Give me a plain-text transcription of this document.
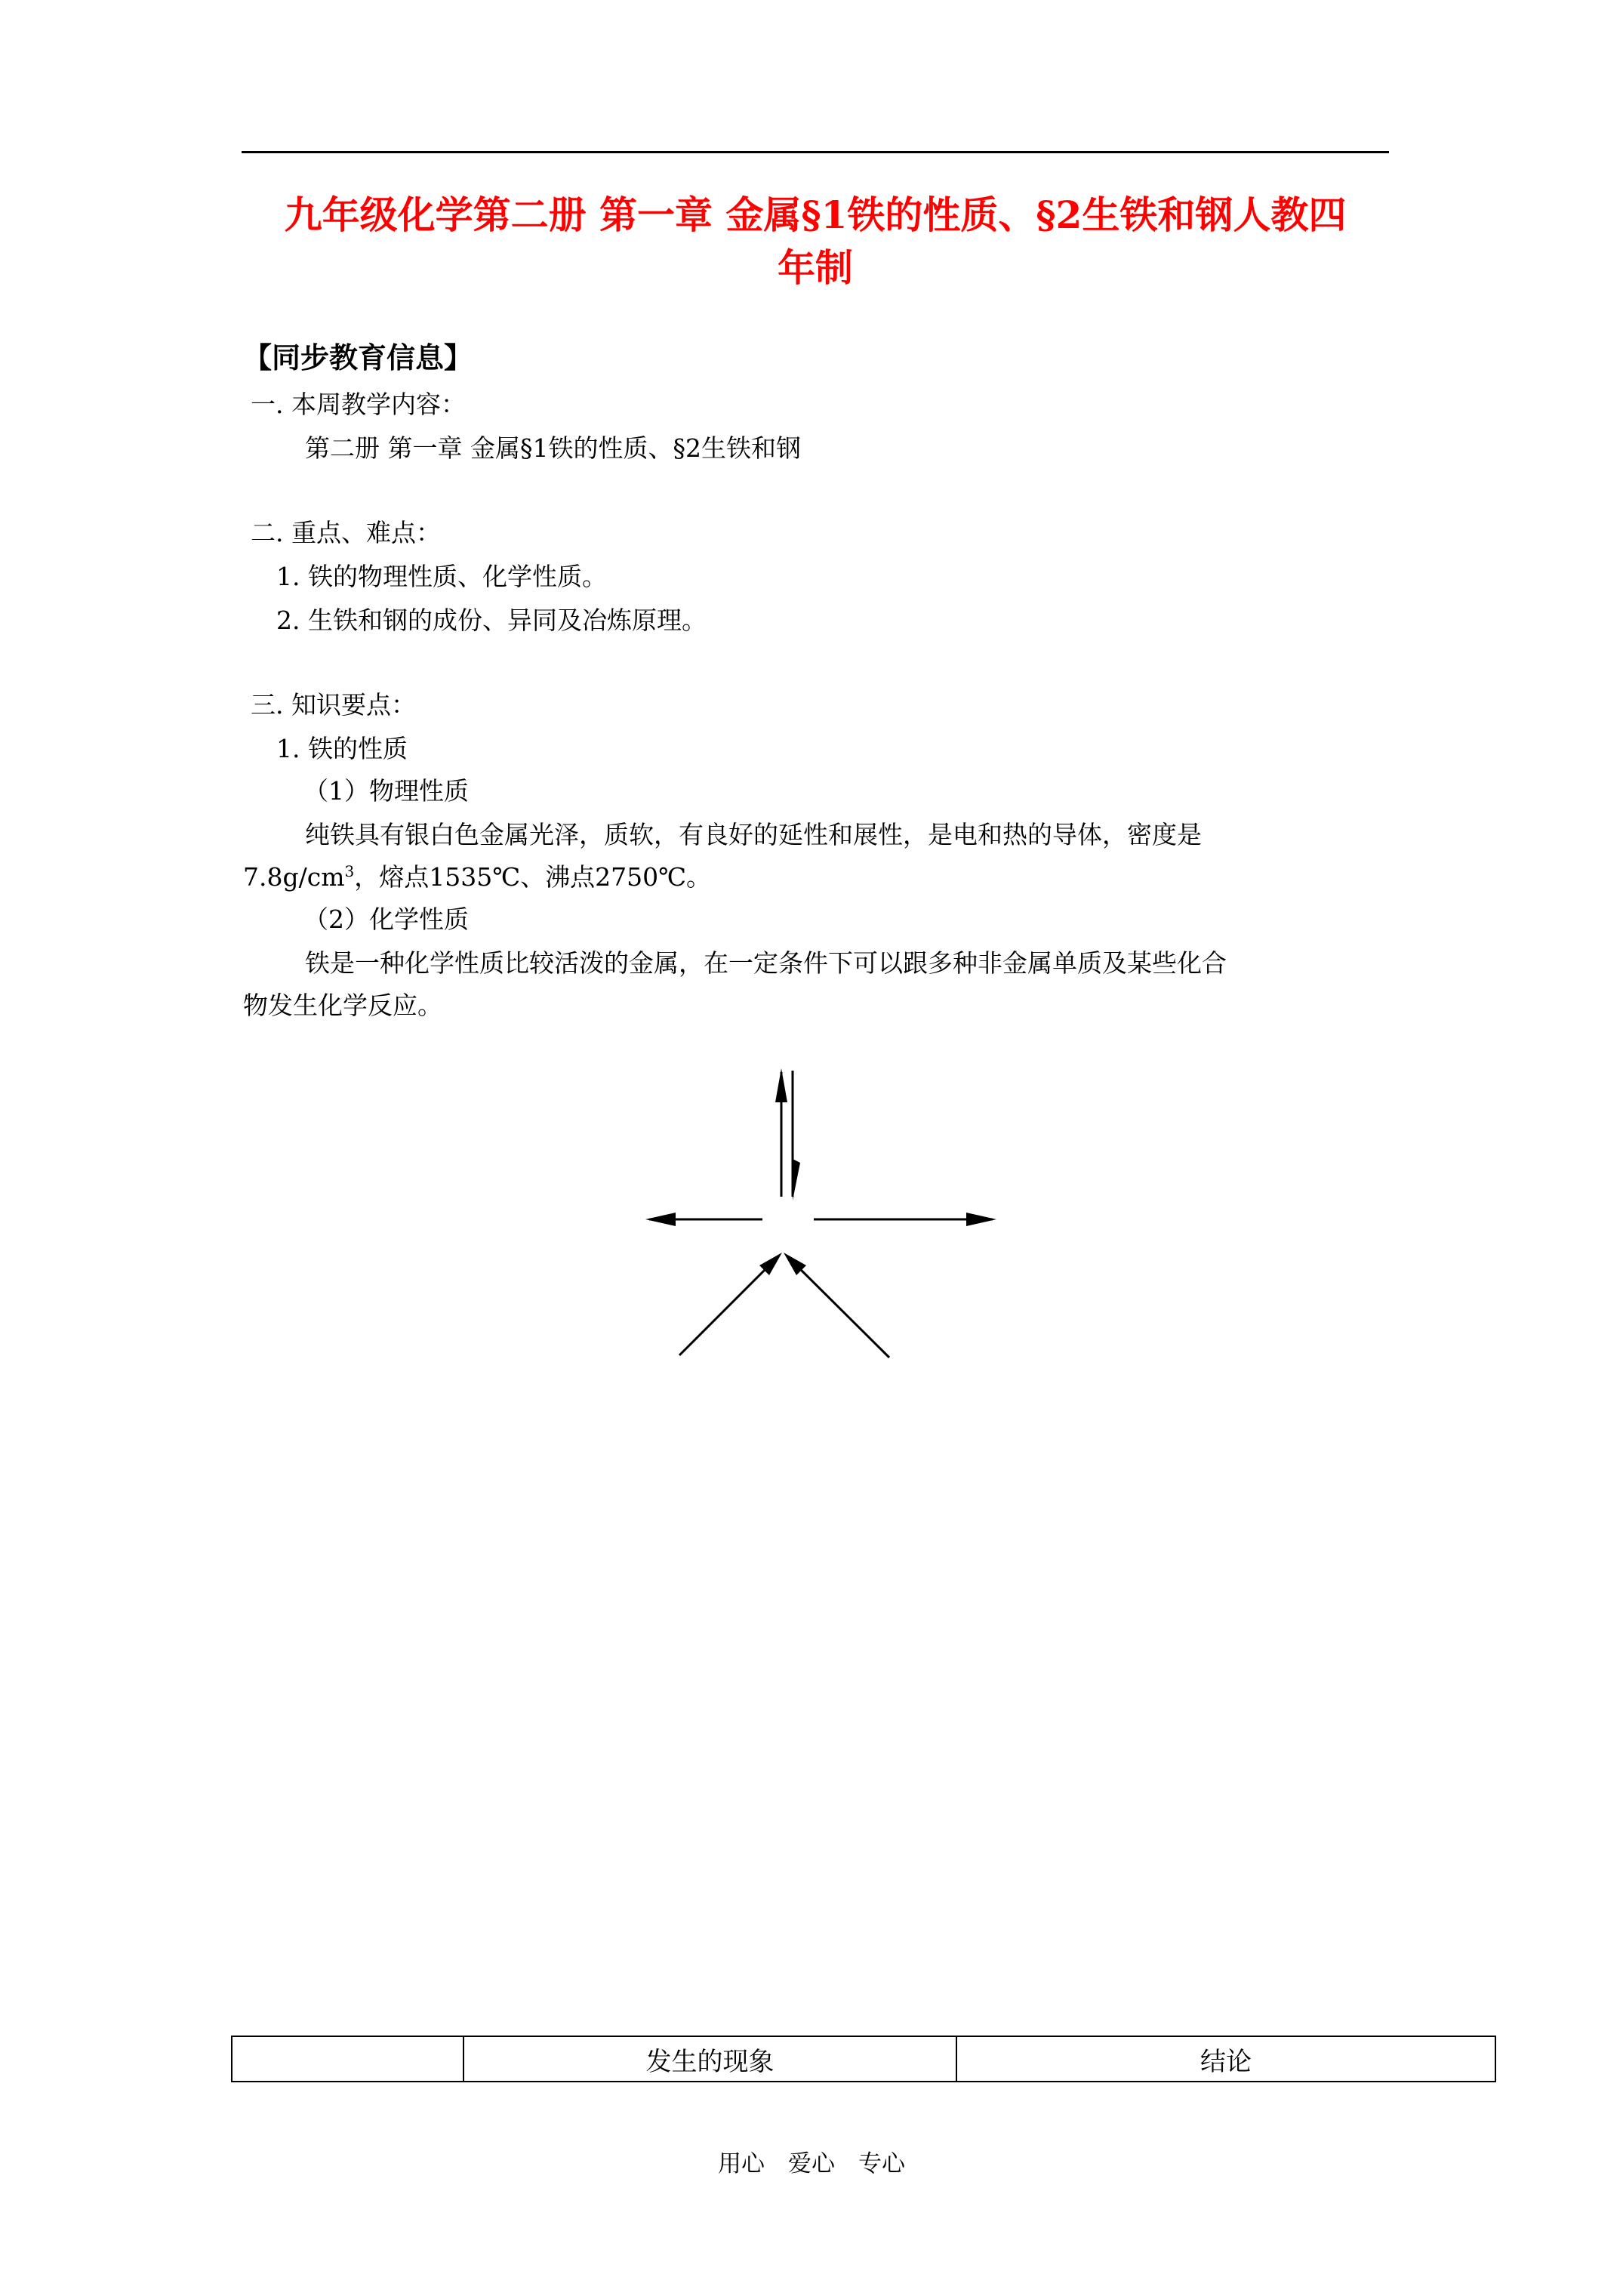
九年级化学第二册 第一章 金属§1铁的性质、§2生铁和钢人教四
年制
【同步教育信息】
一. 本周教学内容：
第二册 第一章 金属§1铁的性质、§2生铁和钢
二. 重点、难点：
1. 铁的物理性质、化学性质。
2. 生铁和钢的成份、异同及冶炼原理。
三. 知识要点：
1. 铁的性质
（1）物理性质
纯铁具有银白色金属光泽，质软，有良好的延性和展性，是电和热的导体，密度是
$7.8g/cm^3$，熔点1535℃、沸点2750℃。
（2）化学性质
铁是一种化学性质比较活泼的金属，在一定条件下可以跟多种非金属单质及某些化合
物发生化学反应。
	发生的现象	结论
用心　爱心　专心
